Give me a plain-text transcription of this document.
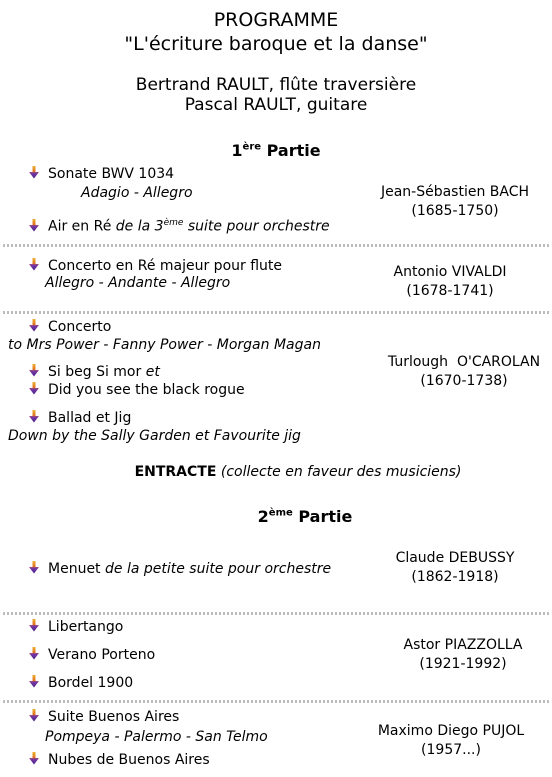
PROGRAMME
"L'écriture baroque et la danse"
Bertrand RAULT, flûte traversière
Pascal RAULT, guitare
1ère Partie
Sonate BWV 1034
Adagio - Allegro
Air en Ré de la 3ème suite pour orchestre
Jean-Sébastien BACH
(1685-1750)
Concerto en Ré majeur pour flute
Allegro - Andante - Allegro
Antonio VIVALDI
(1678-1741)
Concerto
to Mrs Power - Fanny Power - Morgan Magan
Si beg Si mor et
Did you see the black rogue
Ballad et Jig
Down by the Sally Garden et Favourite jig
Turlough  O'CAROLAN
(1670-1738)
ENTRACTE (collecte en faveur des musiciens)
2ème Partie
Menuet de la petite suite pour orchestre
Claude DEBUSSY
(1862-1918)
Libertango
Verano Porteno
Bordel 1900
Astor PIAZZOLLA
(1921-1992)
Suite Buenos Aires
Pompeya - Palermo - San Telmo
Nubes de Buenos Aires
Maximo Diego PUJOL
(1957...)
